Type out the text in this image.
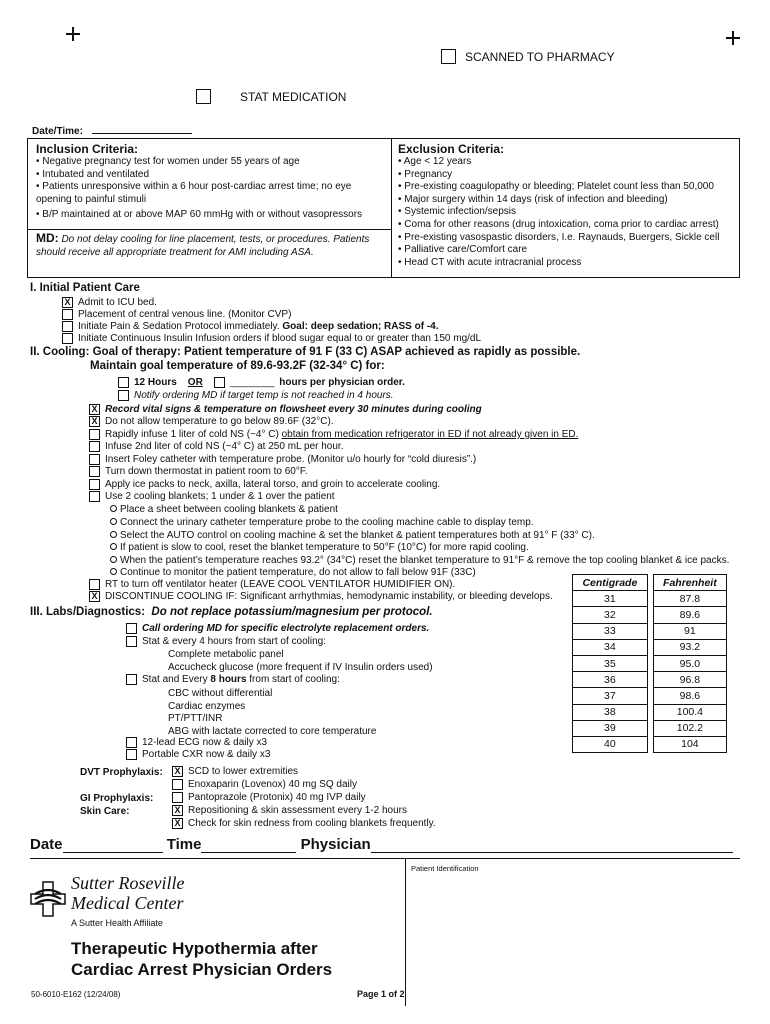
SCANNED TO PHARMACY
STAT MEDICATION
Date/Time:
Inclusion Criteria:
• Negative pregnancy test for women under 55 years of age
• Intubated and ventilated
• Patients unresponsive within a 6 hour post-cardiac arrest time; no eye opening to painful stimuli
• B/P maintained at or above MAP 60 mmHg with or without vasopressors
MD: Do not delay cooling for line placement, tests, or procedures. Patients should receive all appropriate treatment for AMI including ASA.
Exclusion Criteria:
• Age < 12 years
• Pregnancy
• Pre-existing coagulopathy or bleeding; Platelet count less than 50,000
• Major surgery within 14 days (risk of infection and bleeding)
• Systemic infection/sepsis
• Coma for other reasons (drug intoxication, coma prior to cardiac arrest)
• Pre-existing vasospastic disorders, I.e. Raynauds, Buergers, Sickle cell
• Palliative care/Comfort care
• Head CT with acute intracranial process
I. Initial Patient Care
X Admit to ICU bed.
Placement of central venous line. (Monitor CVP)
Initiate Pain & Sedation Protocol immediately. Goal: deep sedation; RASS of -4.
Initiate Continuous Insulin Infusion orders if blood sugar equal to or greater than 150 mg/dL
II. Cooling: Goal of therapy: Patient temperature of 91 F (33 C) ASAP achieved as rapidly as possible.
Maintain goal temperature of 89.6-93.2F (32-34° C) for:
12 Hours OR	________ hours per physician order.
Notify ordering MD if target temp is not reached in 4 hours.
X Record vital signs & temperature on flowsheet every 30 minutes during cooling
X Do not allow temperature to go below 89.6F (32°C).
Rapidly infuse 1 liter of cold NS (~4° C) obtain from medication refrigerator in ED if not already given in ED.
Infuse 2nd liter of cold NS (~4° C) at 250 mL per hour.
Insert Foley catheter with temperature probe. (Monitor u/o hourly for “cold diuresis”.)
Turn down thermostat in patient room to 60°F.
Apply ice packs to neck, axilla, lateral torso, and groin to accelerate cooling.
Use 2 cooling blankets; 1 under & 1 over the patient
Place a sheet between cooling blankets & patient
Connect the urinary catheter temperature probe to the cooling machine cable to display temp.
Select the AUTO control on cooling machine & set the blanket & patient temperatures both at 91° F (33° C).
If patient is slow to cool, reset the blanket temperature to 50°F (10°C) for more rapid cooling.
When the patient’s temperature reaches 93.2° (34°C) reset the blanket temperature to 91°F & remove the top cooling blanket & ice packs.
Continue to monitor the patient temperature, do not allow to fall below 91F (33C)
RT to turn off ventilator heater (LEAVE COOL VENTILATOR HUMIDIFIER ON).
X DISCONTINUE COOLING IF: Significant arrhythmias, hemodynamic instability, or bleeding develops.
Centigrade		Fahrenheit
31		87.8
32		89.6
33		91
34		93.2
35		95.0
36		96.8
37		98.6
38		100.4
39		102.2
40		104
III. Labs/Diagnostics: Do not replace potassium/magnesium per protocol.
Call ordering MD for specific electrolyte replacement orders.
Stat & every 4 hours from start of cooling:
Complete metabolic panel
Accucheck glucose (more frequent if IV Insulin orders used)
Stat and Every 8 hours from start of cooling:
CBC without differential
Cardiac enzymes
PT/PTT/INR
ABG with lactate corrected to core temperature
12-lead ECG now & daily x3
Portable CXR now & daily x3
DVT Prophylaxis: X SCD to lower extremities
Enoxaparin (Lovenox) 40 mg SQ daily
GI Prophylaxis:	Pantoprazole (Protonix) 40 mg IVP daily
Skin Care:	X Repositioning & skin assessment every 1-2 hours
X Check for skin redness from cooling blankets frequently.
Date	Time	Physician
Patient Identification
Sutter Roseville
Medical Center
A Sutter Health Affiliate
Therapeutic Hypothermia after
Cardiac Arrest Physician Orders
50-6010-E162 (12/24/08)	Page 1 of 2
